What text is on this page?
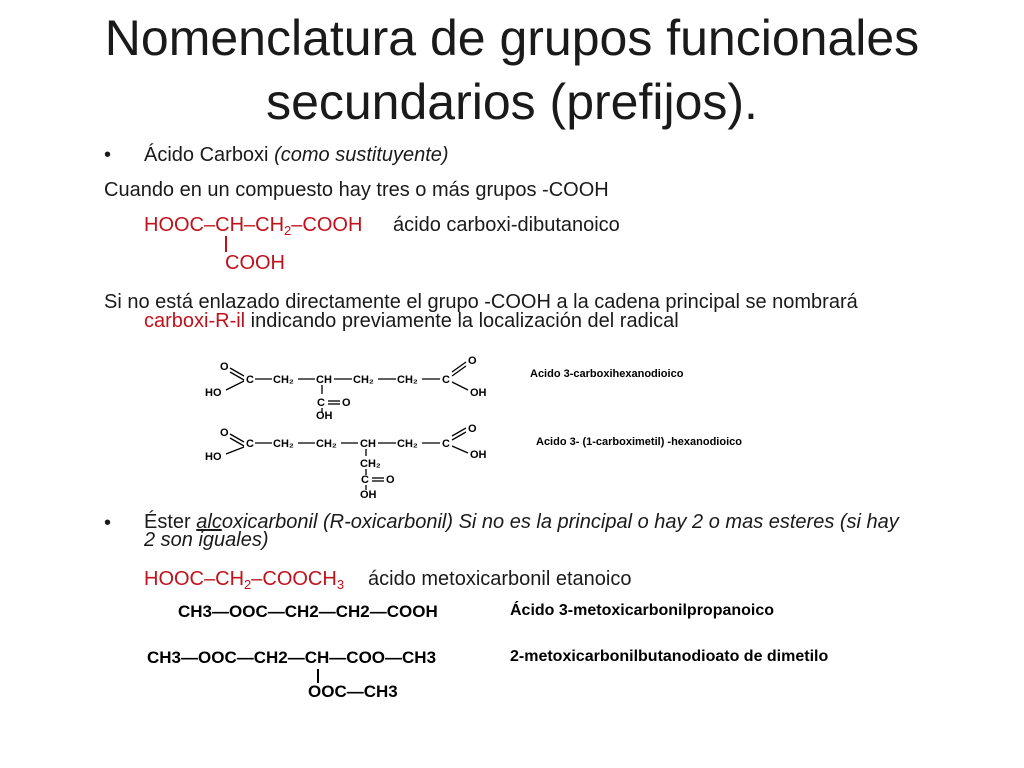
Nomenclatura de grupos funcionales
secundarios (prefijos).
• Ácido Carboxi (como sustituyente)
Cuando en un compuesto hay tres o más grupos -COOH
HOOC–$CH-CH_2$–COOH ácido carboxi-dibutanoico
COOH
Si no está enlazado directamente el grupo -COOH a la cadena principal se nombrará
carboxi-R-il indicando previamente la localización del radical
O
HO
C CH₂ CH CH₂ CH₂ C
O
OH
C O
OH
Acido 3-carboxihexanodioico
O
HO
C CH₂ CH₂ CH CH₂ C
O
OH
CH₂
C O
OH
Acido 3- (1-carboximetil) -hexanodioico
• Éster alcoxicarbonil (R-oxicarbonil) Si no es la principal o hay 2 o mas esteres (si hay
2 son iguales)
HOOC–$CH_2-COOCH_3$ ácido metoxicarbonil etanoico
CH3—OOC—CH2—CH2—COOH	Ácido 3-metoxicarbonilpropanoico
CH3—OOC—CH2—CH—COO—CH3	2-metoxicarbonilbutanodioato de dimetilo
OOC—CH3
